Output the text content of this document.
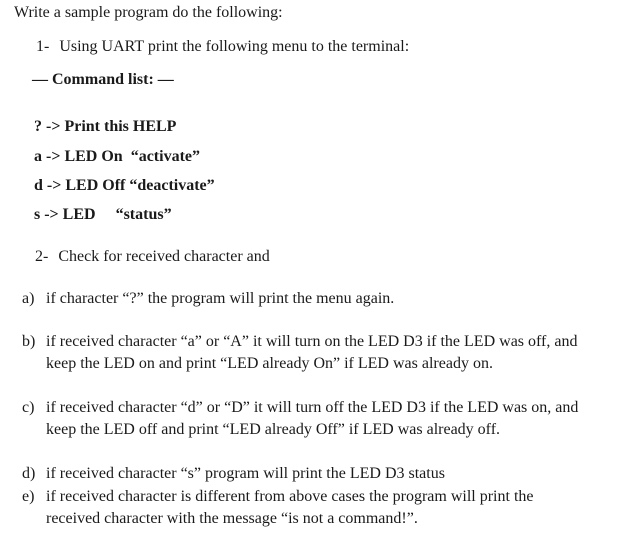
Write a sample program do the following:
1- Using UART print the following menu to the terminal:
— Command list: —
? -> Print this HELP
a -> LED On  “activate”
d -> LED Off “deactivate”
s -> LED     “status”
2- Check for received character and
a) if character “?” the program will print the menu again.
b) if received character “a” or “A” it will turn on the LED D3 if the LED was off, and
keep the LED on and print “LED already On” if LED was already on.
c) if received character “d” or “D” it will turn off the LED D3 if the LED was on, and
keep the LED off and print “LED already Off” if LED was already off.
d) if received character “s” program will print the LED D3 status
e) if received character is different from above cases the program will print the
received character with the message “is not a command!”.
